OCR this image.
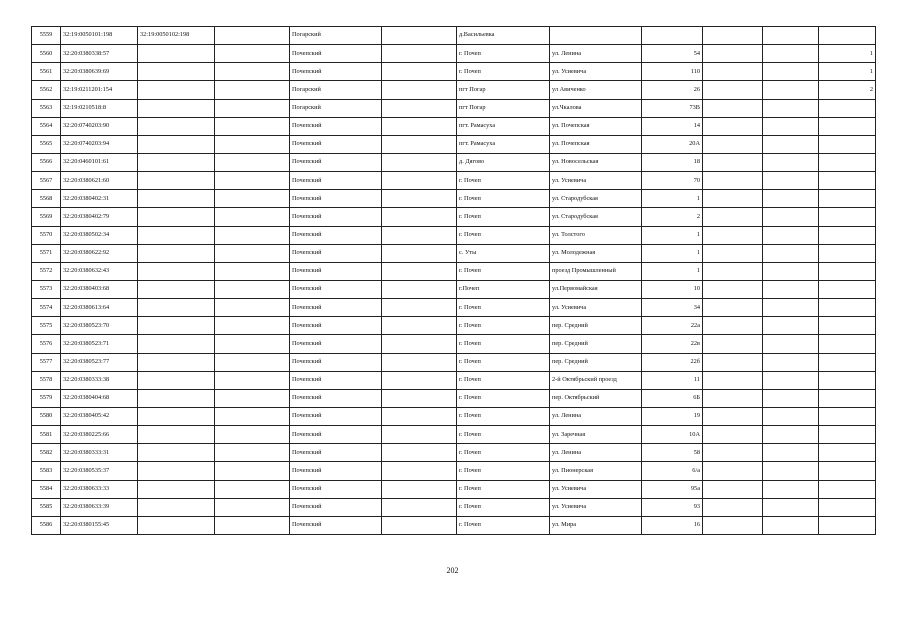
5559	32:19:0050101:198	32:19:0050102:198		Погарский		д.Васильевка					
5560	32:20:0380338:57			Почепский		г. Почеп	ул. Ленина	54			1
5561	32:20:0380639:69			Почепский		г. Почеп	ул. Усиевича	110			1
5562	32:19:0211201:154			Погарский		пгт Погар	ул Авиченко	26			2
5563	32:19:0210518:8			Погарский		пгт Погар	ул.Чкалова	73В			
5564	32:20:0740203:90			Почепский		пгт. Рамасуха	ул. Почепская	14			
5565	32:20:0740203:94			Почепский		пгт. Рамасуха	ул. Почепская	20А			
5566	32:20:0460101:61			Почепский		д. Дягово	ул. Новосельская	18			
5567	32:20:0380621:60			Почепский		г. Почеп	ул. Усиевича	70			
5568	32:20:0380402:31			Почепский		г. Почеп	ул. Стародубская	1			
5569	32:20:0380402:79			Почепский		г. Почеп	ул. Стародубская	2			
5570	32:20:0380502:34			Почепский		г. Почеп	ул. Толстого	1			
5571	32:20:0380622:92			Почепский		с. Уты	ул. Молодежная	1			
5572	32:20:0380632:43			Почепский		г. Почеп	проезд Промышленный	1			
5573	32:20:0380403:68			Почепский		г.Почеп	ул.Первомайская	10			
5574	32:20:0380613:64			Почепский		г. Почеп	ул. Усиевича	34			
5575	32:20:0380523:70			Почепский		г. Почеп	пер. Средний	22а			
5576	32:20:0380523:71			Почепский		г. Почеп	пер. Средний	22в			
5577	32:20:0380523:77			Почепский		г. Почеп	пер. Средний	22б			
5578	32:20:0380333:38			Почепский		г. Почеп	2-й Октябрьский проезд	11			
5579	32:20:0380404:68			Почепский		г. Почеп	пер. Октябрьский	6Б			
5580	32:20:0380405:42			Почепский		г. Почеп	ул. Ленина	19			
5581	32:20:0380225:66			Почепский		г. Почеп	ул. Заречная	10А			
5582	32:20:0380333:31			Почепский		г. Почеп	ул. Ленина	58			
5583	32:20:0380535:37			Почепский		г. Почеп	ул. Пионерская	6/а			
5584	32:20:0380633:33			Почепский		г. Почеп	ул. Усиевича	95а			
5585	32:20:0380633:39			Почепский		г. Почеп	ул. Усиевича	93			
5586	32:20:0380155:45			Почепский		г. Почеп	ул. Мира	16			
202
